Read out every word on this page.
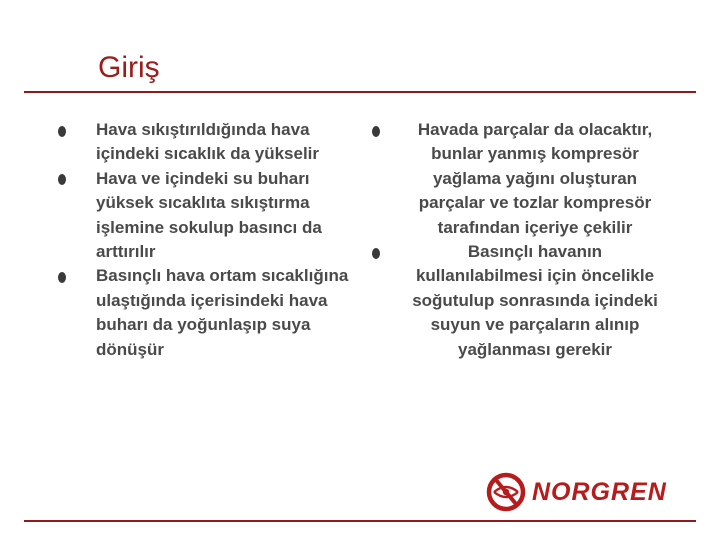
Giriş
Hava sıkıştırıldığında hava içindeki sıcaklık da yükselir
Hava ve içindeki su buharı yüksek sıcaklıta sıkıştırma işlemine sokulup basıncı da arttırılır
Basınçlı hava ortam sıcaklığına ulaştığında içerisindeki hava buharı da yoğunlaşıp suya dönüşür
Havada parçalar da olacaktır, bunlar yanmış kompresör yağlama yağını oluşturan parçalar ve tozlar kompresör tarafından içeriye çekilir
Basınçlı havanın kullanılabilmesi için öncelikle soğutulup sonrasında içindeki suyun ve parçaların alınıp yağlanması gerekir
NORGREN
